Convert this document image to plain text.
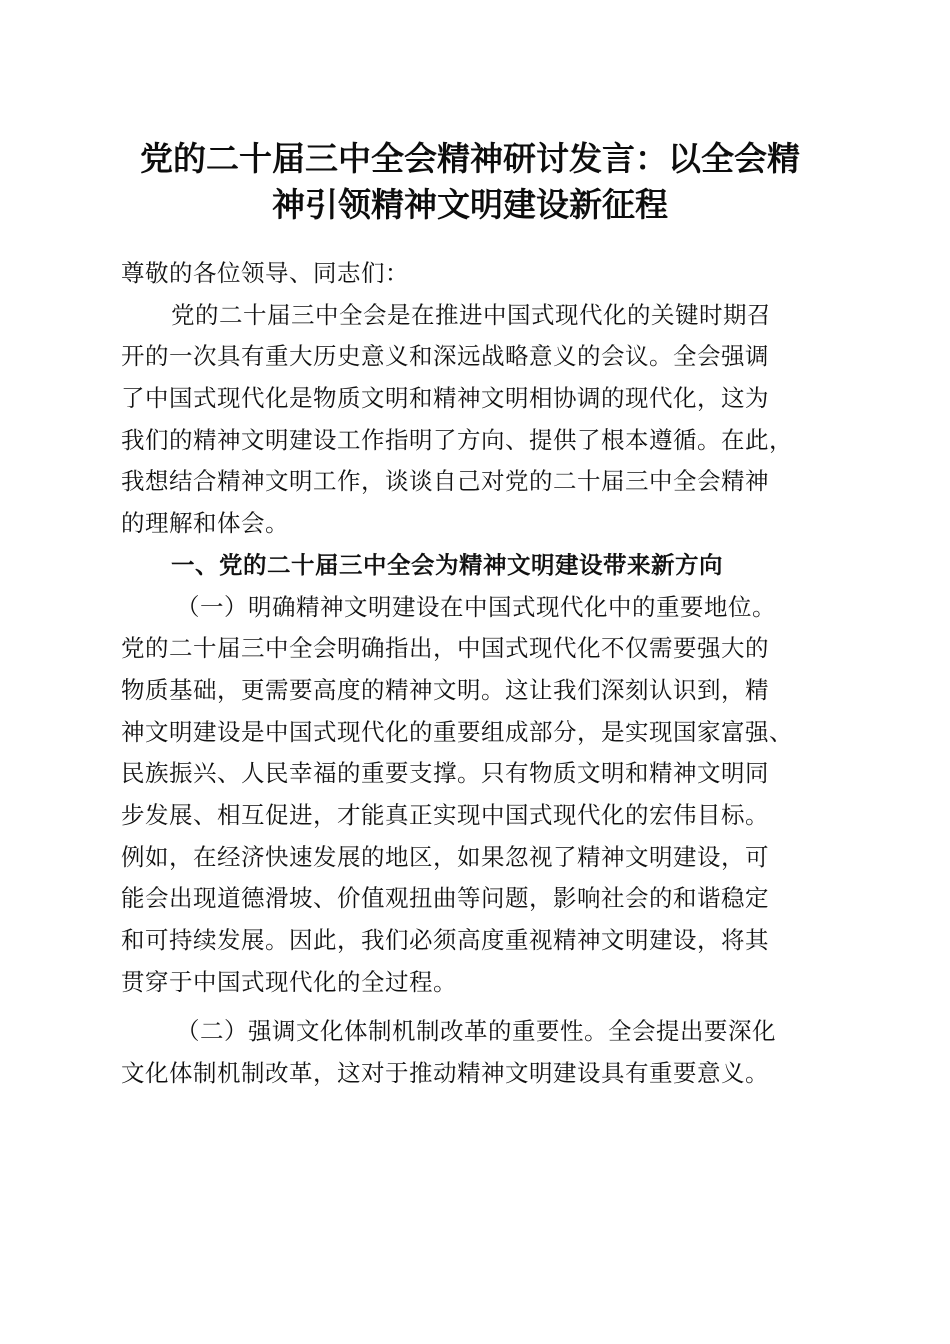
党的二十届三中全会精神研讨发言：以全会精
神引领精神文明建设新征程
尊敬的各位领导、同志们：
党的二十届三中全会是在推进中国式现代化的关键时期召
开的一次具有重大历史意义和深远战略意义的会议。全会强调
了中国式现代化是物质文明和精神文明相协调的现代化，这为
我们的精神文明建设工作指明了方向、提供了根本遵循。在此，
我想结合精神文明工作，谈谈自己对党的二十届三中全会精神
的理解和体会。
一、党的二十届三中全会为精神文明建设带来新方向
（一）明确精神文明建设在中国式现代化中的重要地位。
党的二十届三中全会明确指出，中国式现代化不仅需要强大的
物质基础，更需要高度的精神文明。这让我们深刻认识到，精
神文明建设是中国式现代化的重要组成部分，是实现国家富强、
民族振兴、人民幸福的重要支撑。只有物质文明和精神文明同
步发展、相互促进，才能真正实现中国式现代化的宏伟目标。
例如，在经济快速发展的地区，如果忽视了精神文明建设，可
能会出现道德滑坡、价值观扭曲等问题，影响社会的和谐稳定
和可持续发展。因此，我们必须高度重视精神文明建设，将其
贯穿于中国式现代化的全过程。
（二）强调文化体制机制改革的重要性。全会提出要深化
文化体制机制改革，这对于推动精神文明建设具有重要意义。
